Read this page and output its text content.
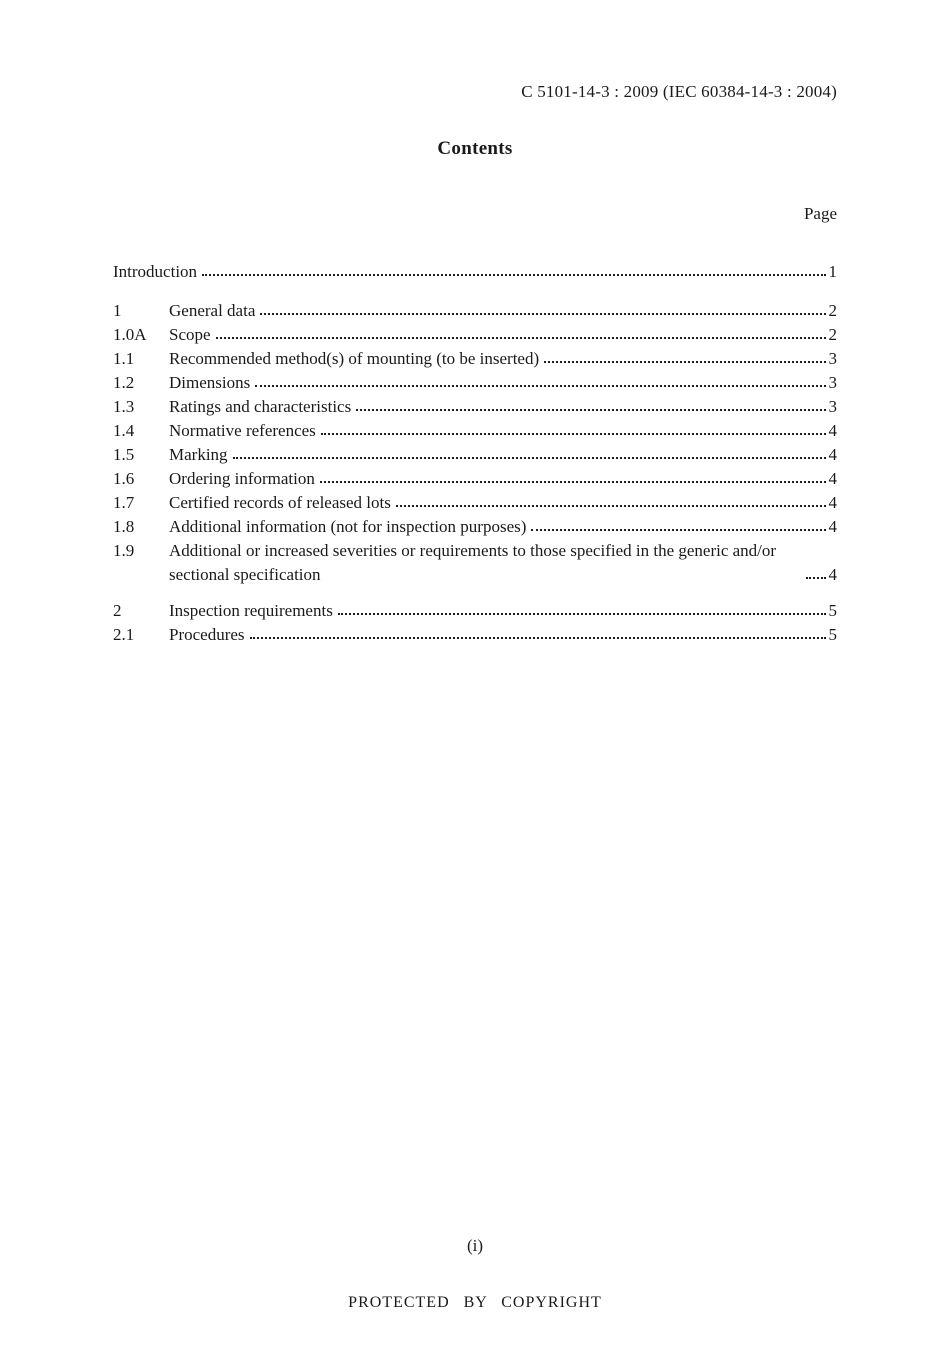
C 5101-14-3 : 2009 (IEC 60384-14-3 : 2004)
Contents
Page
Introduction	1
1	General data	2
1.0A	Scope	2
1.1	Recommended method(s) of mounting (to be inserted)	3
1.2	Dimensions	3
1.3	Ratings and characteristics	3
1.4	Normative references	4
1.5	Marking	4
1.6	Ordering information	4
1.7	Certified records of released lots	4
1.8	Additional information (not for inspection purposes)	4
1.9	Additional or increased severities or requirements to those specified in the generic and/or sectional specification	4
2	Inspection requirements	5
2.1	Procedures	5
(i)
PROTECTED BY COPYRIGHT
